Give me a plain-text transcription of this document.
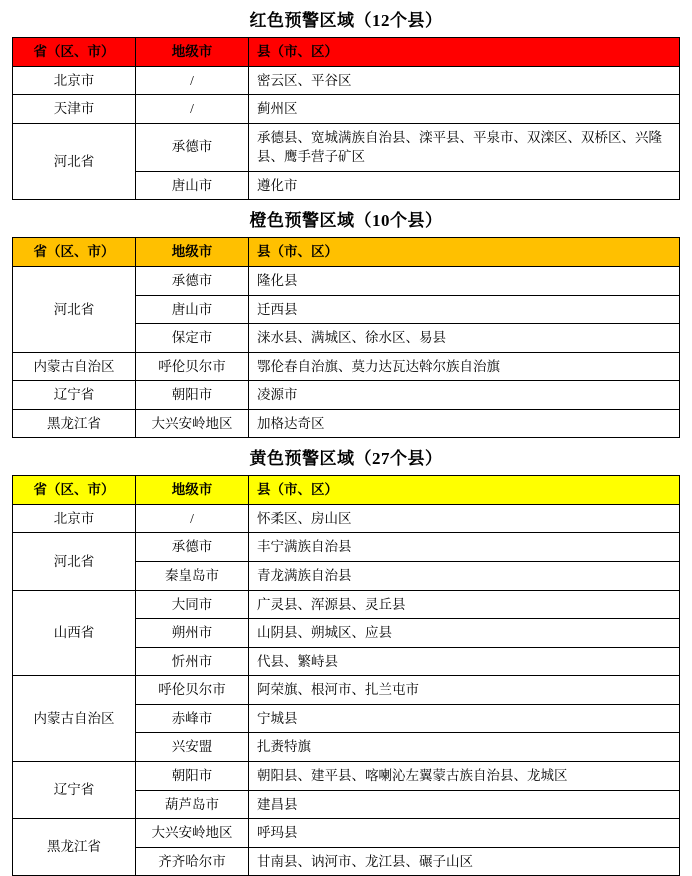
红色预警区域（12个县）
省（区、市）	地级市	县（市、区）
北京市	/	密云区、平谷区
天津市	/	蓟州区
河北省	承德市	承德县、宽城满族自治县、滦平县、平泉市、双滦区、双桥区、兴隆县、鹰手营子矿区
	唐山市	遵化市
橙色预警区域（10个县）
省（区、市）	地级市	县（市、区）
河北省	承德市	隆化县
	唐山市	迁西县
	保定市	涞水县、满城区、徐水区、易县
内蒙古自治区	呼伦贝尔市	鄂伦春自治旗、莫力达瓦达斡尔族自治旗
辽宁省	朝阳市	凌源市
黑龙江省	大兴安岭地区	加格达奇区
黄色预警区域（27个县）
省（区、市）	地级市	县（市、区）
北京市	/	怀柔区、房山区
河北省	承德市	丰宁满族自治县
	秦皇岛市	青龙满族自治县
山西省	大同市	广灵县、浑源县、灵丘县
	朔州市	山阴县、朔城区、应县
	忻州市	代县、繁峙县
内蒙古自治区	呼伦贝尔市	阿荣旗、根河市、扎兰屯市
	赤峰市	宁城县
	兴安盟	扎赉特旗
辽宁省	朝阳市	朝阳县、建平县、喀喇沁左翼蒙古族自治县、龙城区
	葫芦岛市	建昌县
黑龙江省	大兴安岭地区	呼玛县
	齐齐哈尔市	甘南县、讷河市、龙江县、碾子山区
